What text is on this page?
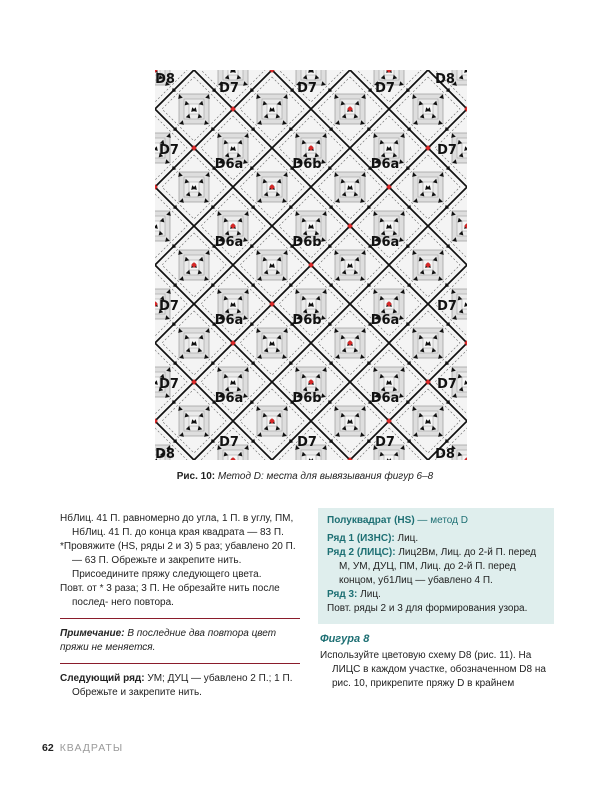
D8	D8
D8	D8
D7	D7	D7
D7	D7
D7	D7
D7	D7
D7	D7	D7
D6a	D6b	D6a
D6a	D6b	D6a
D6a	D6b	D6a
D6a	D6b	D6a
Рис. 10: Метод D: места для вывязывания фигур 6–8

НбЛиц. 41 П. равномерно до угла, 1 П. в углу, ПМ, НбЛиц. 41 П. до конца края квадрата — 83 П.

*Провяжите (HS, ряды 2 и 3) 5 раз; убавлено 20 П. — 63 П. Обрежьте и закрепите нить. Присоедините пряжу следующего цвета.

Повт. от * 3 раза; 3 П. Не обрезайте нить после послед- него повтора.

Примечание: В последние два повтора цвет пряжи не меняется.

Следующий ряд: УМ; ДУЦ — убавлено 2 П.; 1 П. Обрежьте и закрепите нить.

Полуквадрат (HS) — метод D

Ряд 1 (ИЗНС): Лиц.

Ряд 2 (ЛИЦС): Лиц2Вм, Лиц. до 2-й П. перед М, УМ, ДУЦ, ПМ, Лиц. до 2-й П. перед концом, уб1Лиц — убавлено 4 П.

Ряд 3: Лиц.

Повт. ряды 2 и 3 для формирования узора.

Фигура 8

Используйте цветовую схему D8 (рис. 11). На ЛИЦС в каждом участке, обозначенном D8 на рис. 10, прикрепите пряжу D в крайнем

62 КВАДРАТЫ
